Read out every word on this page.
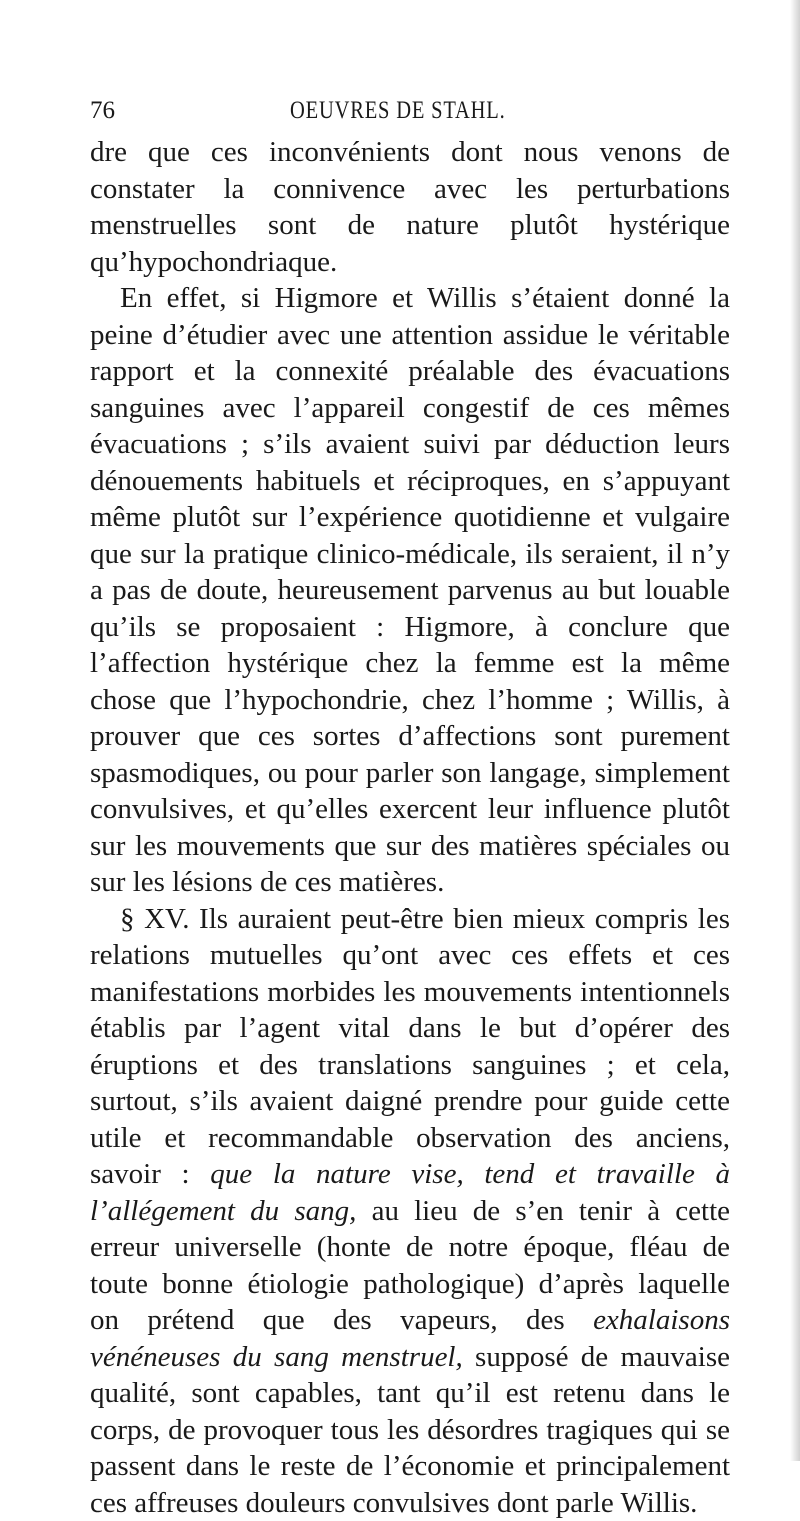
76	OEUVRES DE STAHL.

dre que ces inconvénients dont nous venons de constater la connivence avec les perturbations menstruelles sont de nature plutôt hystérique qu’hypochondriaque.

En effet, si Higmore et Willis s’étaient donné la peine d’étudier avec une attention assidue le véritable rapport et la connexité préalable des évacuations sanguines avec l’appareil congestif de ces mêmes évacuations ; s’ils avaient suivi par déduction leurs dénouements habituels et réciproques, en s’appuyant même plutôt sur l’expérience quotidienne et vulgaire que sur la pratique clinico-médicale, ils seraient, il n’y a pas de doute, heureusement parvenus au but louable qu’ils se proposaient : Higmore, à conclure que l’affection hystérique chez la femme est la même chose que l’hypochondrie, chez l’homme ; Willis, à prouver que ces sortes d’affections sont purement spasmodiques, ou pour parler son langage, simplement convulsives, et qu’elles exercent leur influence plutôt sur les mouvements que sur des matières spéciales ou sur les lésions de ces matières.

§ XV. Ils auraient peut-être bien mieux compris les relations mutuelles qu’ont avec ces effets et ces manifestations morbides les mouvements intentionnels établis par l’agent vital dans le but d’opérer des éruptions et des translations sanguines ; et cela, surtout, s’ils avaient daigné prendre pour guide cette utile et recommandable observation des anciens, savoir : que la nature vise, tend et travaille à l’allégement du sang, au lieu de s’en tenir à cette erreur universelle (honte de notre époque, fléau de toute bonne étiologie pathologique) d’après laquelle on prétend que des vapeurs, des exhalaisons vénéneuses du sang menstruel, supposé de mauvaise qualité, sont capables, tant qu’il est retenu dans le corps, de provoquer tous les désordres tragiques qui se passent dans le reste de l’économie et principalement ces affreuses douleurs convulsives dont parle Willis.
